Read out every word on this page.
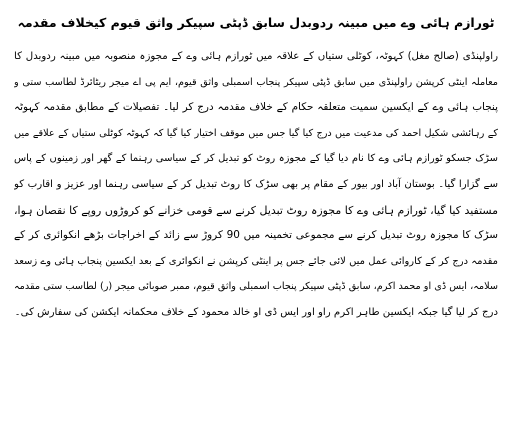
ٹورازم ہائی وے میں مبینہ ردوبدل سابق ڈپٹی سپیکر واثق قیوم کیخلاف مقدمہ
راولپنڈی (صالح مغل) کہوٹہ، کوٹلی ستیاں کے علاقہ میں ٹورازم ہائی وے کے مجوزہ منصوبہ میں مبینہ ردوبدل کا
معاملہ اینٹی کرپشن راولپنڈی میں سابق ڈپٹی سپیکر پنجاب اسمبلی واثق قیوم، ایم پی اے میجر ریٹائرڈ لطاسب ستی و
پنجاب ہائی وے کے ایکسین سمیت متعلقہ حکام کے خلاف مقدمہ درج کر لیا۔ تفصیلات کے مطابق مقدمہ کہوٹہ
کے رہائشی شکیل احمد کی مدعیت میں درج کیا گیا جس میں موقف اختیار کیا گیا کہ کہوٹہ کوٹلی ستیاں کے علاقے میں
سڑک جسکو ٹورازم ہائی وے کا نام دیا گیا کے مجوزہ روٹ کو تبدیل کر کے سیاسی رہنما کے گھر اور زمینوں کے پاس
سے گزارا گیا۔ بوستان آباد اور بیور کے مقام پر بھی سڑک کا روٹ تبدیل کر کے سیاسی رہنما اور عزیز و اقارب کو
مستفید کیا گیا، ٹورازم ہائی وے کا مجوزہ روٹ تبدیل کرنے سے قومی خزانے کو کروڑوں روپے کا نقصان ہوا،
سڑک کا مجوزہ روٹ تبدیل کرنے سے مجموعی تخمینہ میں 90 کروڑ سے زائد کے اخراجات بڑھے انکوائری کر کے
مقدمہ درج کر کے کاروائی عمل میں لائی جائے جس پر اینٹی کرپشن نے انکوائری کے بعد ایکسین پنجاب ہائی وے زسعد
سلامہ، ایس ڈی او محمد اکرم، سابق ڈپٹی سپیکر پنجاب اسمبلی واثق قیوم، ممبر صوبائی میجر (ر) لطاسب ستی مقدمہ
درج کر لیا گیا جبکہ ایکسین طاہر اکرم راو اور ایس ڈی او خالد محمود کے خلاف محکمانہ ایکشن کی سفارش کی۔
